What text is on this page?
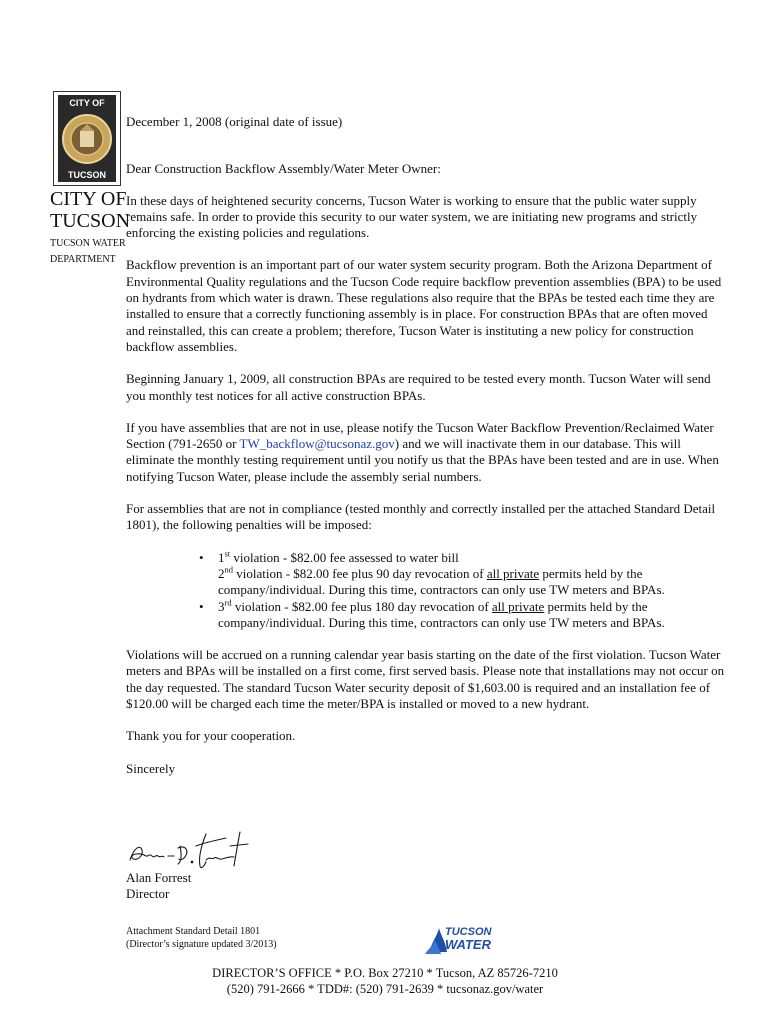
CITY OF
TUCSON
CITY OF
TUCSON
TUCSON WATER
DEPARTMENT

December 1, 2008 (original date of issue)

Dear Construction Backflow Assembly/Water Meter Owner:

In these days of heightened security concerns, Tucson Water is working to ensure that the public water supply remains safe. In order to provide this security to our water system, we are initiating new programs and strictly enforcing the existing policies and regulations.

Backflow prevention is an important part of our water system security program. Both the Arizona Department of Environmental Quality regulations and the Tucson Code require backflow prevention assemblies (BPA) to be used on hydrants from which water is drawn. These regulations also require that the BPAs be tested each time they are installed to ensure that a correctly functioning assembly is in place. For construction BPAs that are often moved and reinstalled, this can create a problem; therefore, Tucson Water is instituting a new policy for construction backflow assemblies.

Beginning January 1, 2009, all construction BPAs are required to be tested every month. Tucson Water will send you monthly test notices for all active construction BPAs.

If you have assemblies that are not in use, please notify the Tucson Water Backflow Prevention/Reclaimed Water Section (791-2650 or TW_backflow@tucsonaz.gov) and we will inactivate them in our database. This will eliminate the monthly testing requirement until you notify us that the BPAs have been tested and are in use. When notifying Tucson Water, please include the assembly serial numbers.

For assemblies that are not in compliance (tested monthly and correctly installed per the attached Standard Detail 1801), the following penalties will be imposed:

• 1st violation - $82.00 fee assessed to water bill
2nd violation - $82.00 fee plus 90 day revocation of all private permits held by the
company/individual. During this time, contractors can only use TW meters and BPAs.
• 3rd violation - $82.00 fee plus 180 day revocation of all private permits held by the
company/individual. During this time, contractors can only use TW meters and BPAs.

Violations will be accrued on a running calendar year basis starting on the date of the first violation. Tucson Water meters and BPAs will be installed on a first come, first served basis. Please note that installations may not occur on the day requested. The standard Tucson Water security deposit of $1,603.00 is required and an installation fee of $120.00 will be charged each time the meter/BPA is installed or moved to a new hydrant.

Thank you for your cooperation.

Sincerely

Alan Forrest
Director
Attachment Standard Detail 1801
(Director’s signature updated 3/2013)
TUCSON
WATER
DIRECTOR’S OFFICE * P.O. Box 27210 * Tucson, AZ 85726-7210
(520) 791-2666 * TDD#: (520) 791-2639 * tucsonaz.gov/water
